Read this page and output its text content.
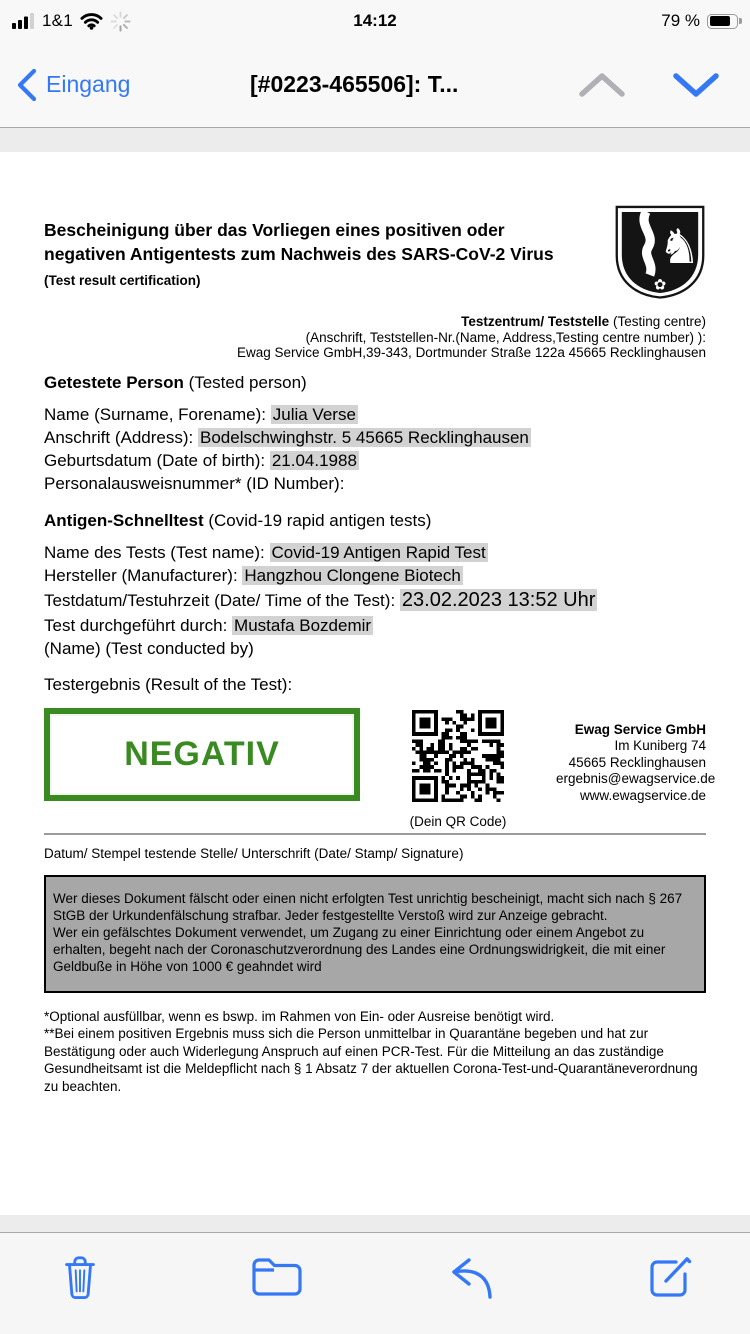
1&1	14:12	79 %
Eingang	[#0223-465506]: T...
Bescheinigung über das Vorliegen eines positiven oder negativen Antigentests zum Nachweis des SARS-CoV-2 Virus
(Test result certification)
♞
✿
Testzentrum/ Teststelle (Testing centre)
(Anschrift, Teststellen-Nr.(Name, Address,Testing centre number) ):
Ewag Service GmbH,39-343, Dortmunder Straße 122a 45665 Recklinghausen
Getestete Person (Tested person)
Name (Surname, Forename): Julia Verse
Anschrift (Address): Bodelschwinghstr. 5 45665 Recklinghausen
Geburtsdatum (Date of birth): 21.04.1988
Personalausweisnummer* (ID Number):
Antigen-Schnelltest (Covid-19 rapid antigen tests)
Name des Tests (Test name): Covid-19 Antigen Rapid Test
Hersteller (Manufacturer): Hangzhou Clongene Biotech
Testdatum/Testuhrzeit (Date/ Time of the Test): 23.02.2023 13:52 Uhr
Test durchgeführt durch: Mustafa Bozdemir
(Name) (Test conducted by)
Testergebnis (Result of the Test):
NEGATIV
(Dein QR Code)
Ewag Service GmbH
Im Kuniberg 74
45665 Recklinghausen
ergebnis@ewagservice.de
www.ewagservice.de
Datum/ Stempel testende Stelle/ Unterschrift (Date/ Stamp/ Signature)
Wer dieses Dokument fälscht oder einen nicht erfolgten Test unrichtig bescheinigt, macht sich nach § 267 StGB der Urkundenfälschung strafbar. Jeder festgestellte Verstoß wird zur Anzeige gebracht.
Wer ein gefälschtes Dokument verwendet, um Zugang zu einer Einrichtung oder einem Angebot zu erhalten, begeht nach der Coronaschutzverordnung des Landes eine Ordnungswidrigkeit, die mit einer Geldbuße in Höhe von 1000 € geahndet wird
*Optional ausfüllbar, wenn es bswp. im Rahmen von Ein- oder Ausreise benötigt wird.
**Bei einem positiven Ergebnis muss sich die Person unmittelbar in Quarantäne begeben und hat zur Bestätigung oder auch Widerlegung Anspruch auf einen PCR-Test. Für die Mitteilung an das zuständige Gesundheitsamt ist die Meldepflicht nach § 1 Absatz 7 der aktuellen Corona-Test-und-Quarantäneverordnung zu beachten.
